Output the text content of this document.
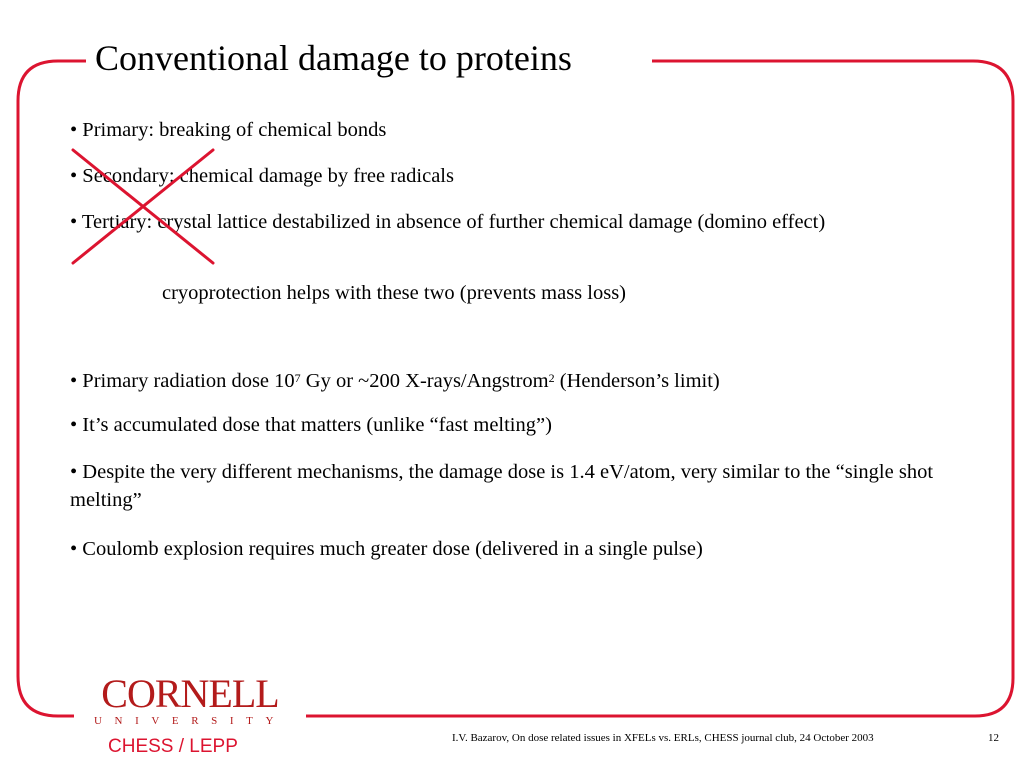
Conventional damage to proteins
• Primary: breaking of chemical bonds
• Secondary: chemical damage by free radicals
• Tertiary: crystal lattice destabilized in absence of further chemical damage (domino effect)
cryoprotection helps with these two (prevents mass loss)
• Primary radiation dose $10^7$ Gy or ~200 X-rays/Angstrom$^2$ (Henderson’s limit)
• It’s accumulated dose that matters (unlike “fast melting”)
• Despite the very different mechanisms, the damage dose is 1.4 eV/atom, very similar to the “single shot melting”
• Coulomb explosion requires much greater dose (delivered in a single pulse)
CORNELL
UNIVERSITY
CHESS / LEPP	I.V. Bazarov, On dose related issues in XFELs vs. ERLs, CHESS journal club, 24 October 2003	12
